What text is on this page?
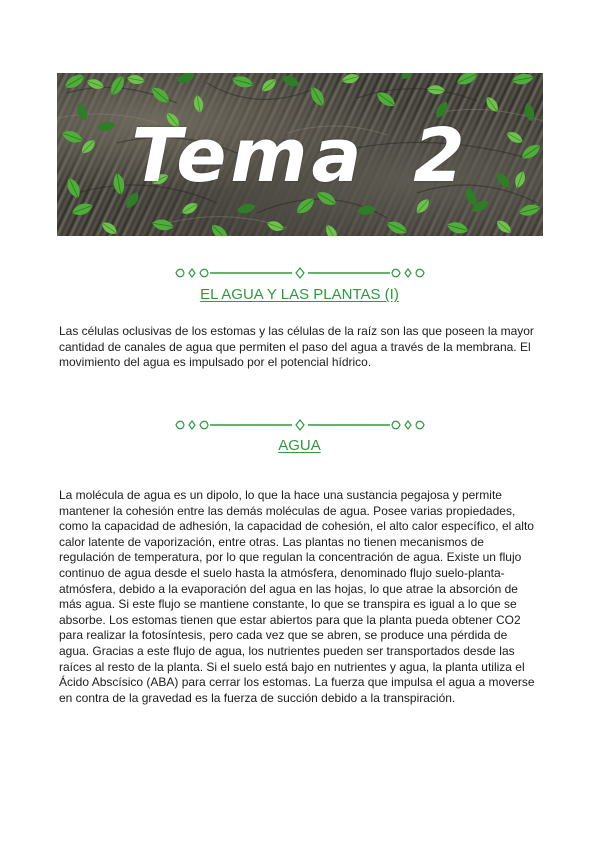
Tema 2
EL AGUA Y LAS PLANTAS (I)
Las células oclusivas de los estomas y las células de la raíz son las que poseen la mayor cantidad de canales de agua que permiten el paso del agua a través de la membrana. El movimiento del agua es impulsado por el potencial hídrico.
AGUA
La molécula de agua es un dipolo, lo que la hace una sustancia pegajosa y permite mantener la cohesión entre las demás moléculas de agua. Posee varias propiedades, como la capacidad de adhesión, la capacidad de cohesión, el alto calor específico, el alto calor latente de vaporización, entre otras. Las plantas no tienen mecanismos de regulación de temperatura, por lo que regulan la concentración de agua. Existe un flujo continuo de agua desde el suelo hasta la atmósfera, denominado flujo suelo-planta-atmósfera, debido a la evaporación del agua en las hojas, lo que atrae la absorción de más agua. Si este flujo se mantiene constante, lo que se transpira es igual a lo que se absorbe. Los estomas tienen que estar abiertos para que la planta pueda obtener CO2 para realizar la fotosíntesis, pero cada vez que se abren, se produce una pérdida de agua. Gracias a este flujo de agua, los nutrientes pueden ser transportados desde las raíces al resto de la planta. Si el suelo está bajo en nutrientes y agua, la planta utiliza el Ácido Abscísico (ABA) para cerrar los estomas. La fuerza que impulsa el agua a moverse en contra de la gravedad es la fuerza de succión debido a la transpiración.
